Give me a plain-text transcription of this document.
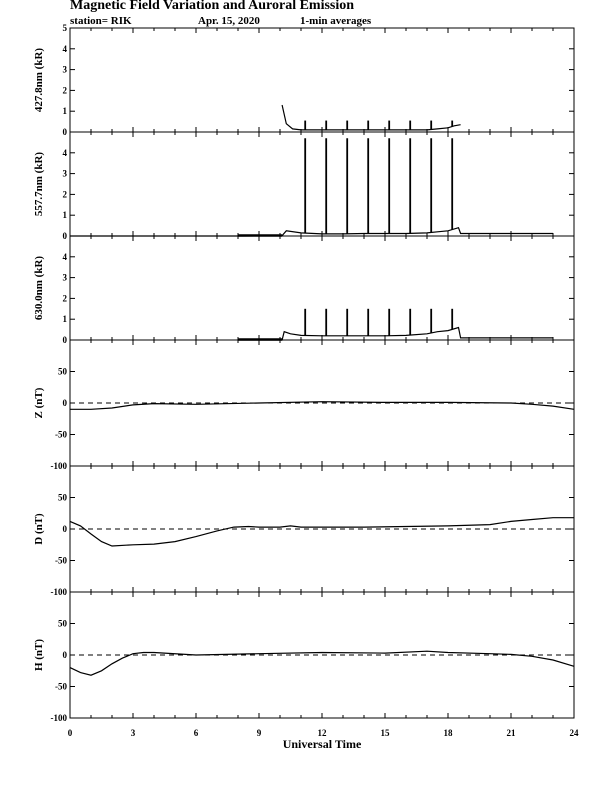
Magnetic Field Variation and Auroral Emission
station= RIK	Apr. 15, 2020	1-min averages
0
1
2
3
4
5
427.8nm (kR)
0
1
2
3
4
557.7nm (kR)
0
1
2
3
4
630.0nm (kR)
50
0
-50
-100
Z (nT)
50
0
-50
-100
D (nT)
50
0
-50
-100
H (nT)
0	3	6	9	12	15	18	21	24
Universal Time
